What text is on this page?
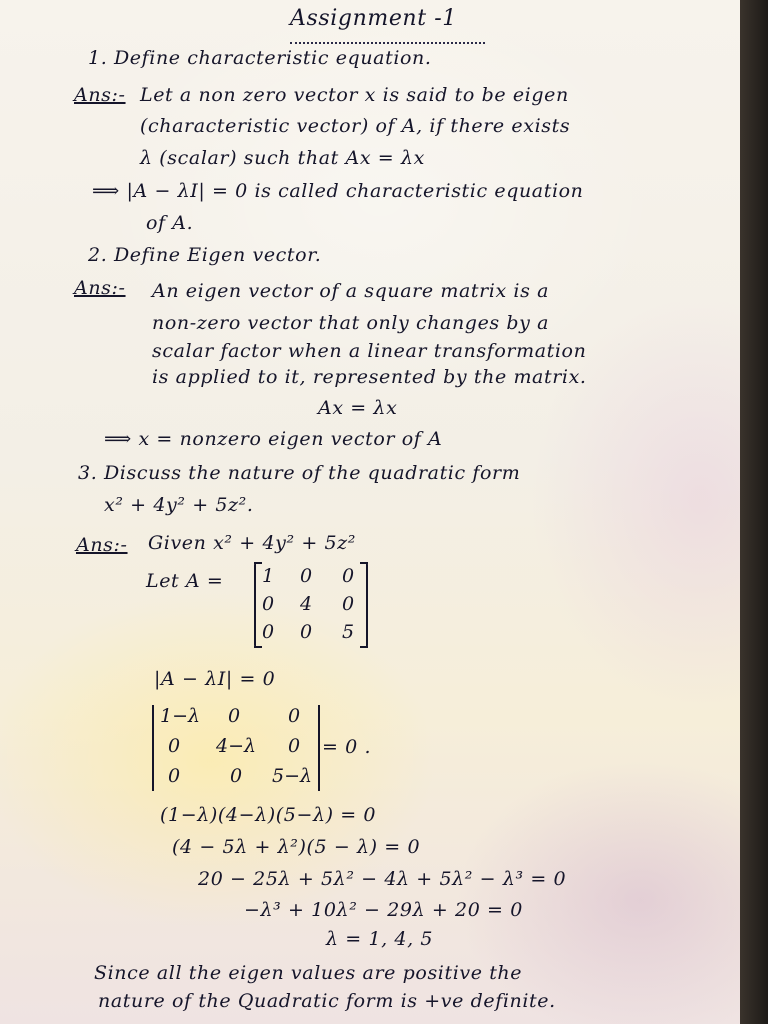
Assignment -1
1. Define characteristic equation.
Ans:- Let a non zero vector x is said to be eigen
(characteristic vector) of A, if there exists
λ (scalar) such that Ax = λx
⟹ |A − λI| = 0 is called characteristic equation
of A.
2. Define Eigen vector.
Ans:- An eigen vector of a square matrix is a
non-zero vector that only changes by a
scalar factor when a linear transformation
is applied to it, represented by the matrix.
Ax = λx
⟹ x = nonzero eigen vector of A
3. Discuss the nature of the quadratic form
x² + 4y² + 5z².
Ans:- Given x² + 4y² + 5z²
Let A = 1 0 0
0 4 0
0 0 5
|A − λI| = 0
1−λ 0	0
0 4−λ 0
0	0 5−λ
= 0 .
(1−λ)(4−λ)(5−λ) = 0
(4 − 5λ + λ²)(5 − λ) = 0
20 − 25λ + 5λ² − 4λ + 5λ² − λ³ = 0
−λ³ + 10λ² − 29λ + 20 = 0
λ = 1, 4, 5
Since all the eigen values are positive the
nature of the Quadratic form is +ve definite.
